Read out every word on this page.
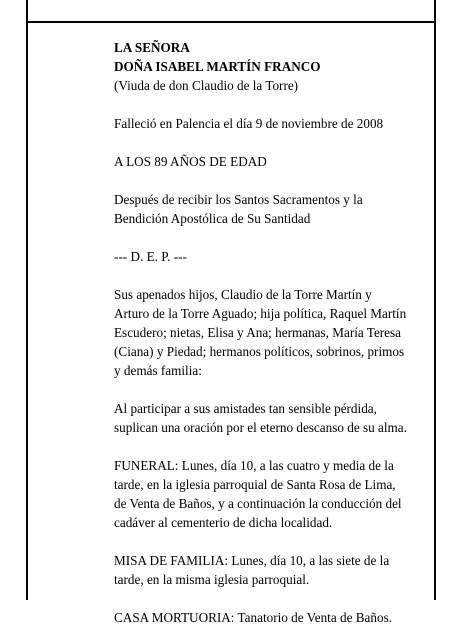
LA SEÑORA
DOÑA ISABEL MARTÍN FRANCO
(Viuda de don Claudio de la Torre)
Falleció en Palencia el día 9 de noviembre de 2008
A LOS 89 AÑOS DE EDAD
Después de recibir los Santos Sacramentos y la
Bendición Apostólica de Su Santidad
--- D. E. P. ---
Sus apenados hijos, Claudio de la Torre Martín y
Arturo de la Torre Aguado; hija política, Raquel Martín
Escudero; nietas, Elisa y Ana; hermanas, María Teresa
(Ciana) y Piedad; hermanos políticos, sobrinos, primos
y demás familia:
Al participar a sus amistades tan sensible pérdida,
suplican una oración por el eterno descanso de su alma.
FUNERAL: Lunes, día 10, a las cuatro y media de la
tarde, en la iglesia parroquial de Santa Rosa de Lima,
de Venta de Baños, y a continuación la conducción del
cadáver al cementerio de dicha localidad.
MISA DE FAMILIA: Lunes, día 10, a las siete de la
tarde, en la misma iglesia parroquial.
CASA MORTUORIA: Tanatorio de Venta de Baños.
